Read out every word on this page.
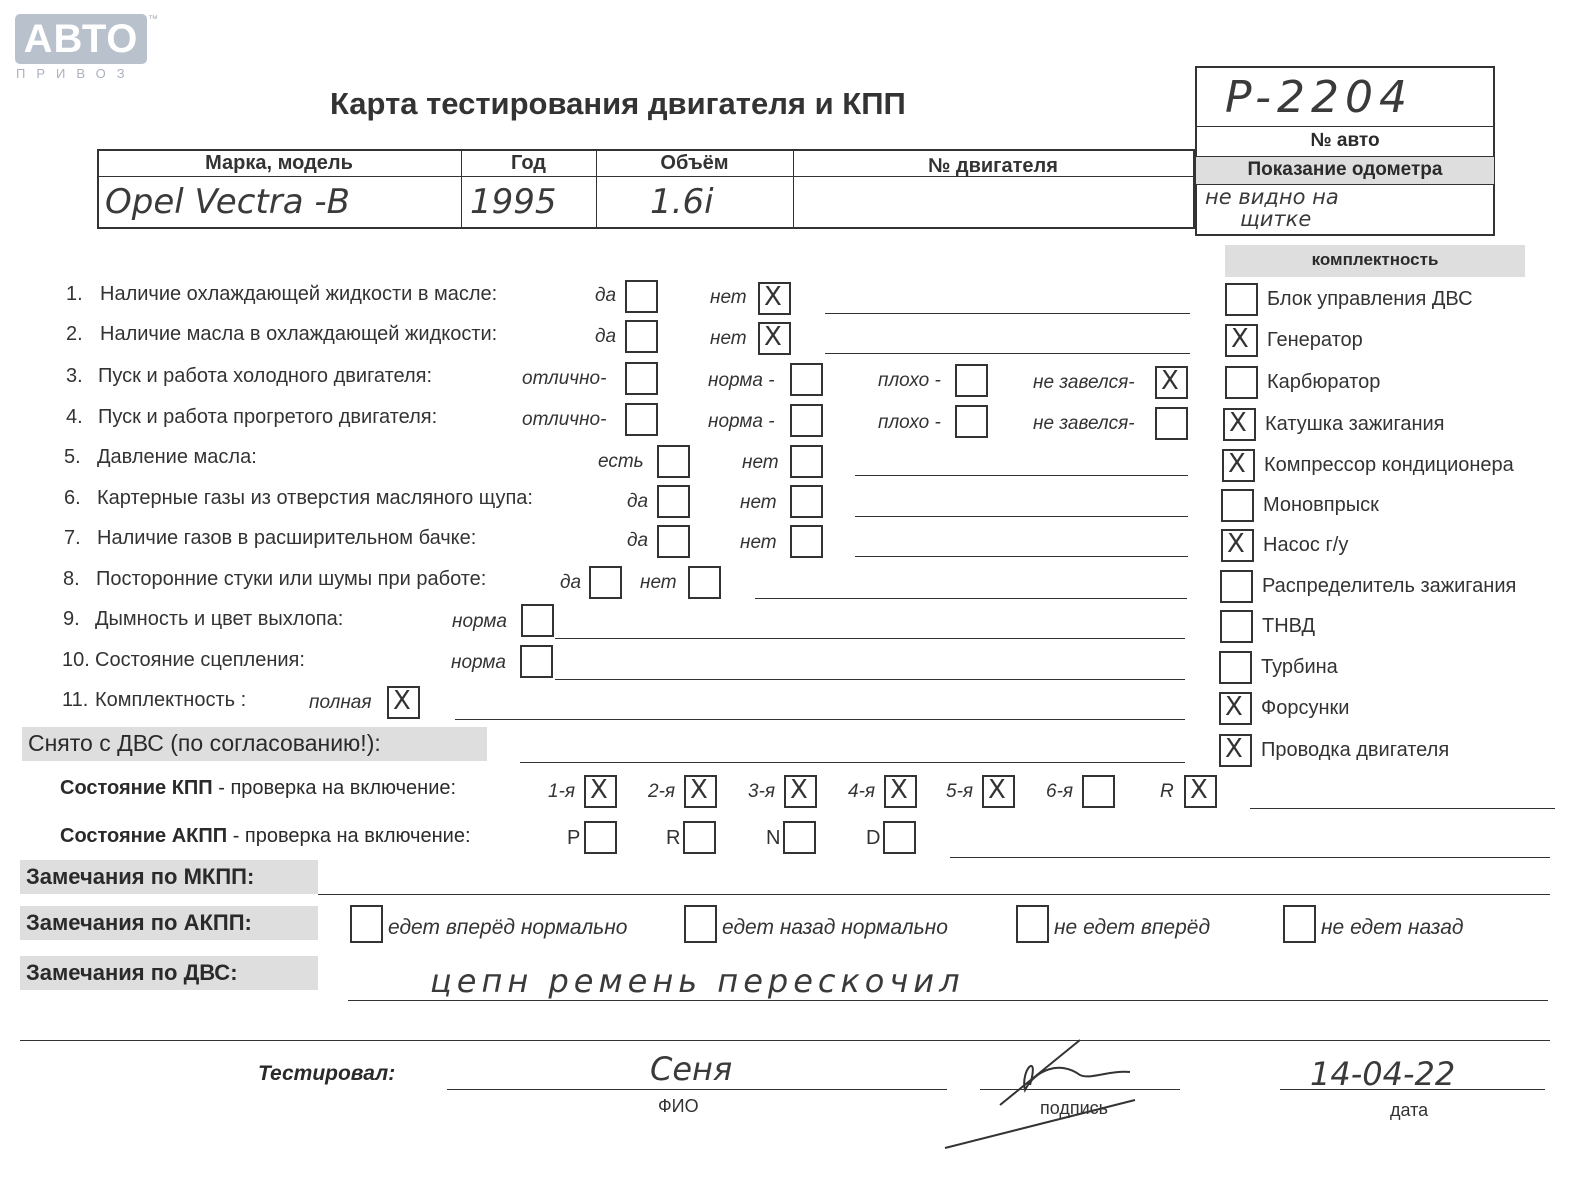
АВТО ™
ПРИВОЗ
Карта тестирования двигателя и КПП	P-2204
№ авто
Показание одометра
не видно на
щитке
Марка, модель	Год	Объём	№ двигателя
Opel Vectra -B	1995	1.6i
комплектность
1. Наличие охлаждающей жидкости в масле:	да	нет X
2. Наличие масла в охлаждающей жидкости:	да	нет X
3. Пуск и работа холодного двигателя:	отлично-	норма -	плохо -	не завелся- X
4. Пуск и работа прогретого двигателя:	отлично-	норма -	плохо -	не завелся-
5. Давление масла:	есть	нет
6. Картерные газы из отверстия масляного щупа:	да	нет
7. Наличие газов в расширительном бачке:	да	нет
8. Посторонние стуки или шумы при работе:	да	нет
9. Дымность и цвет выхлопа:	норма
10. Состояние сцепления:	норма
11. Комплектность :	полная X
Блок управления ДВС
X Генератор
Карбюратор
X Катушка зажигания
X Компрессор кондиционера
Моновпрыск
X Насос г/у
Распределитель зажигания
ТНВД
Турбина
X Форсунки
X Проводка двигателя
Снято с ДВС (по согласованию!):
Состояние КПП - проверка на включение:	1-я X 2-я X 3-я X 4-я X 5-я X 6-я	R X
Состояние АКПП - проверка на включение:	P	R	N	D
Замечания по МКПП:
Замечания по АКПП:	едет вперёд нормально	едет назад нормально	не едет вперёд	не едет назад
Замечания по ДВС:	цепн ремень перескочил
Тестировал:	Сеня
ФИО	подпись
14-04-22
дата
